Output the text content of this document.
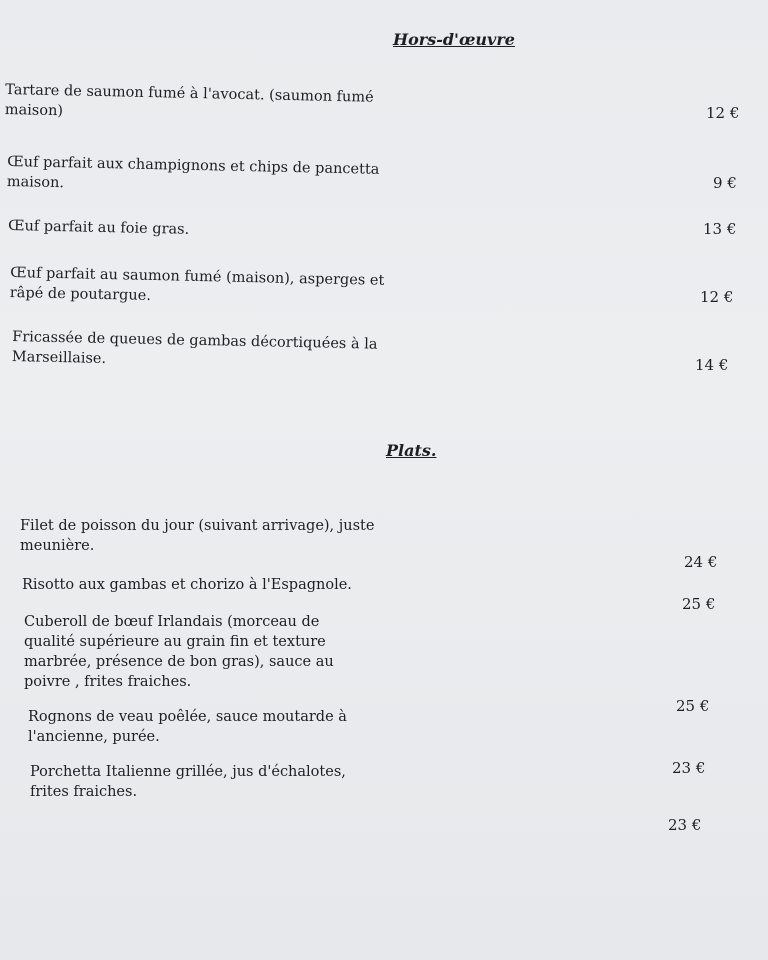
Hors-d'œuvre
Tartare de saumon fumé à l'avocat. (saumon fumé maison)	12 €
Œuf parfait aux champignons et chips de pancetta maison.	9 €
Œuf parfait au foie gras.	13 €
Œuf parfait au saumon fumé (maison), asperges et râpé de poutargue.	12 €
Fricassée de queues de gambas décortiquées à la Marseillaise.	14 €
Plats.
Filet de poisson du jour (suivant arrivage), juste meunière.
24 €
Risotto aux gambas et chorizo à l'Espagnole.
25 €
Cuberoll de bœuf Irlandais (morceau de qualité supérieure au grain fin et texture marbrée, présence de bon gras), sauce au poivre , frites fraiches.
25 €
Rognons de veau poêlée, sauce moutarde à l'ancienne, purée.
23 €
Porchetta Italienne grillée, jus d'échalotes, frites fraiches.
23 €
